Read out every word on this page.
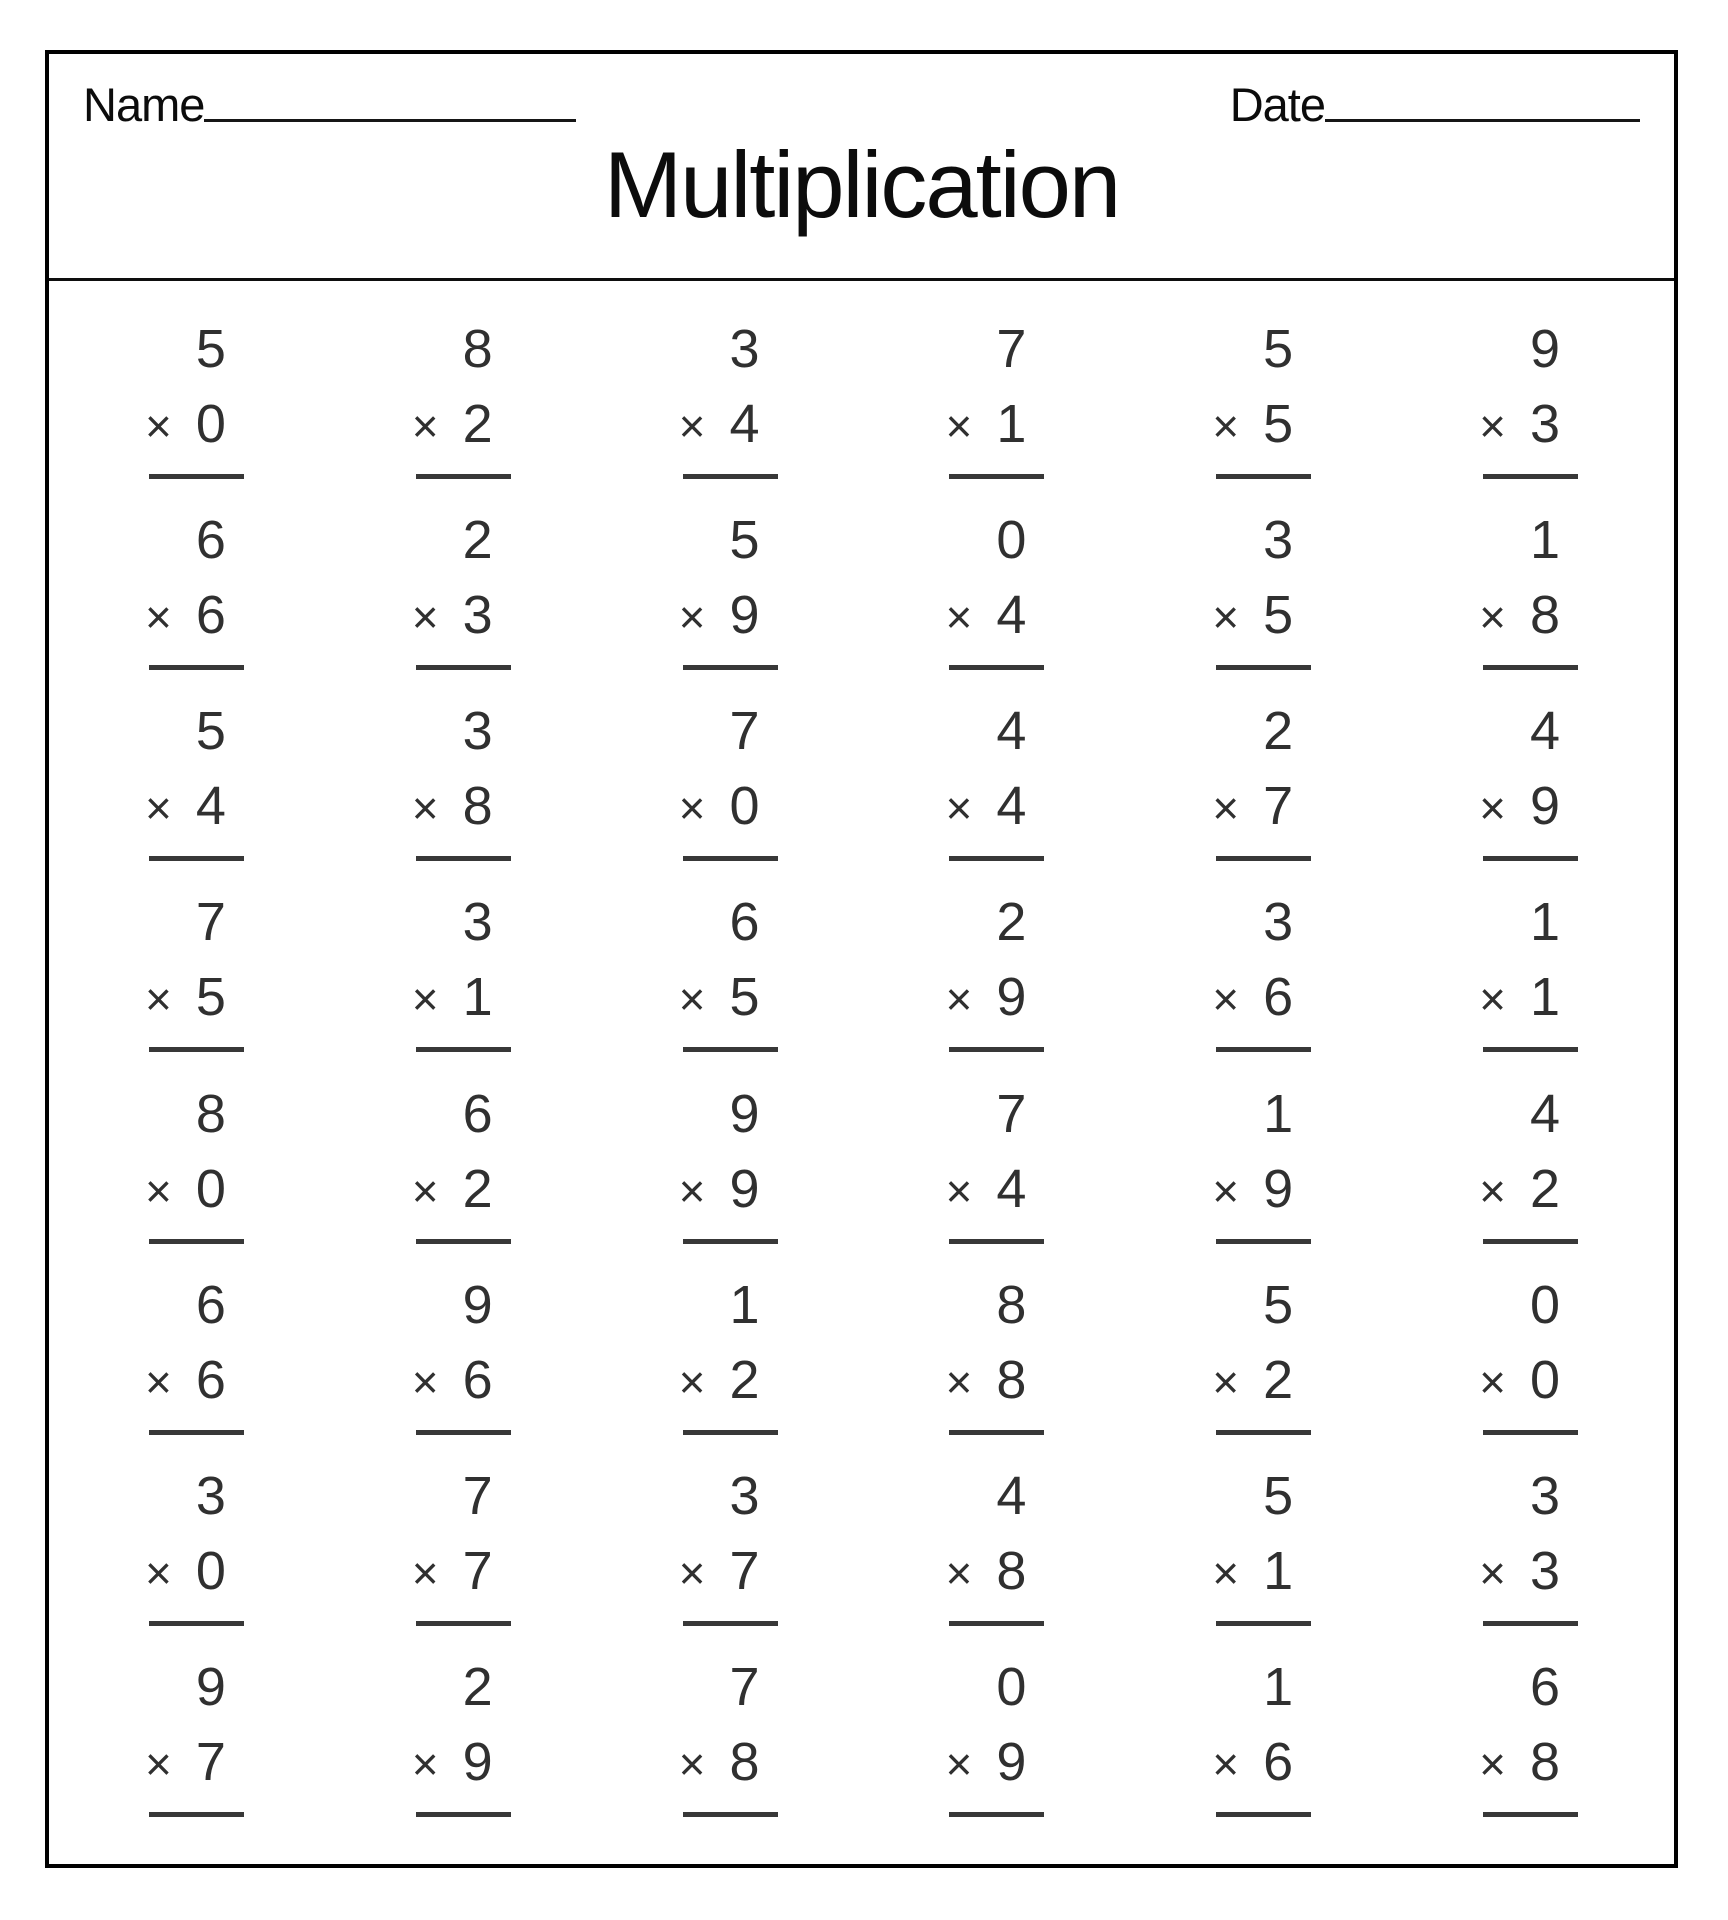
Name	Date
Multiplication
5
× 0
8
× 2
3
× 4
7
× 1
5
× 5
9
× 3
6
× 6
2
× 3
5
× 9
0
× 4
3
× 5
1
× 8
5
× 4
3
× 8
7
× 0
4
× 4
2
× 7
4
× 9
7
× 5
3
× 1
6
× 5
2
× 9
3
× 6
1
× 1
8
× 0
6
× 2
9
× 9
7
× 4
1
× 9
4
× 2
6
× 6
9
× 6
1
× 2
8
× 8
5
× 2
0
× 0
3
× 0
7
× 7
3
× 7
4
× 8
5
× 1
3
× 3
9
× 7
2
× 9
7
× 8
0
× 9
1
× 6
6
× 8
